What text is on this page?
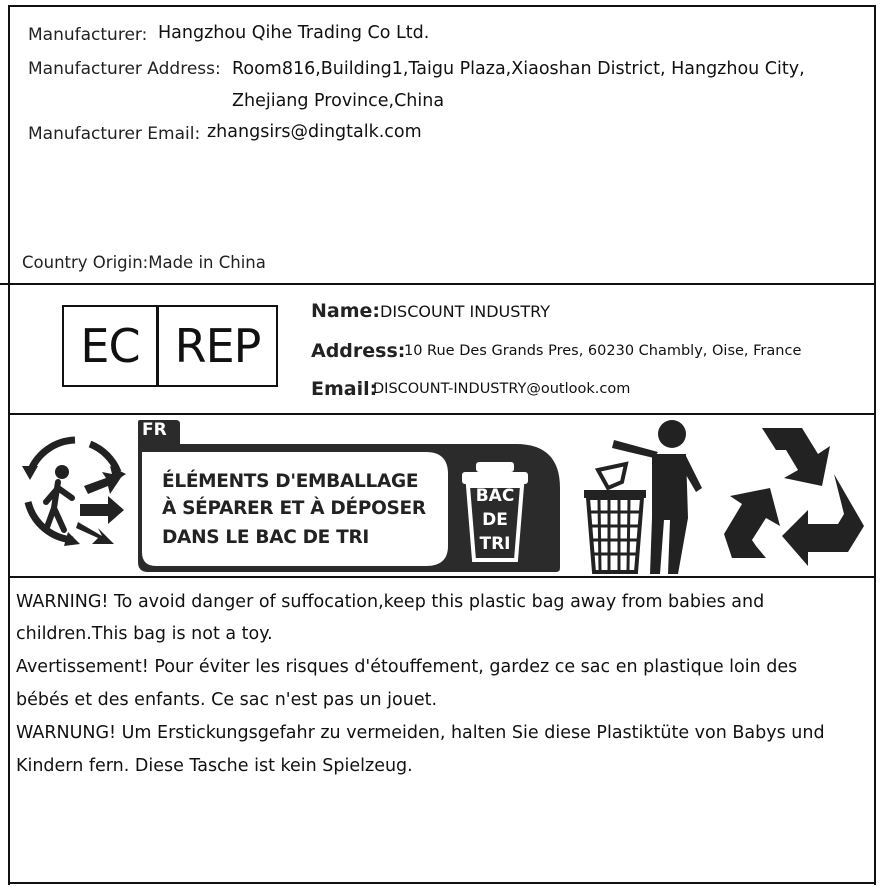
Manufacturer: Hangzhou Qihe Trading Co Ltd.
Manufacturer Address: Room816,Building1,Taigu Plaza,Xiaoshan District, Hangzhou City,
Zhejiang Province,China
Manufacturer Email: zhangsirs@dingtalk.com
Country Origin:Made in China
EC REP
Name: DISCOUNT INDUSTRY
Address:
10 Rue Des Grands Pres, 60230 Chambly, Oise, France
Email:
DISCOUNT-INDUSTRY@outlook.com
FR
ÉLÉMENTS D'EMBALLAGE
À SÉPARER ET À DÉPOSER
DANS LE BAC DE TRI
BAC
DE
TRI
WARNING! To avoid danger of suffocation,keep this plastic bag away from babies and
children.This bag is not a toy.
Avertissement! Pour éviter les risques d'étouffement, gardez ce sac en plastique loin des
bébés et des enfants. Ce sac n'est pas un jouet.
WARNUNG! Um Erstickungsgefahr zu vermeiden, halten Sie diese Plastiktüte von Babys und
Kindern fern. Diese Tasche ist kein Spielzeug.
